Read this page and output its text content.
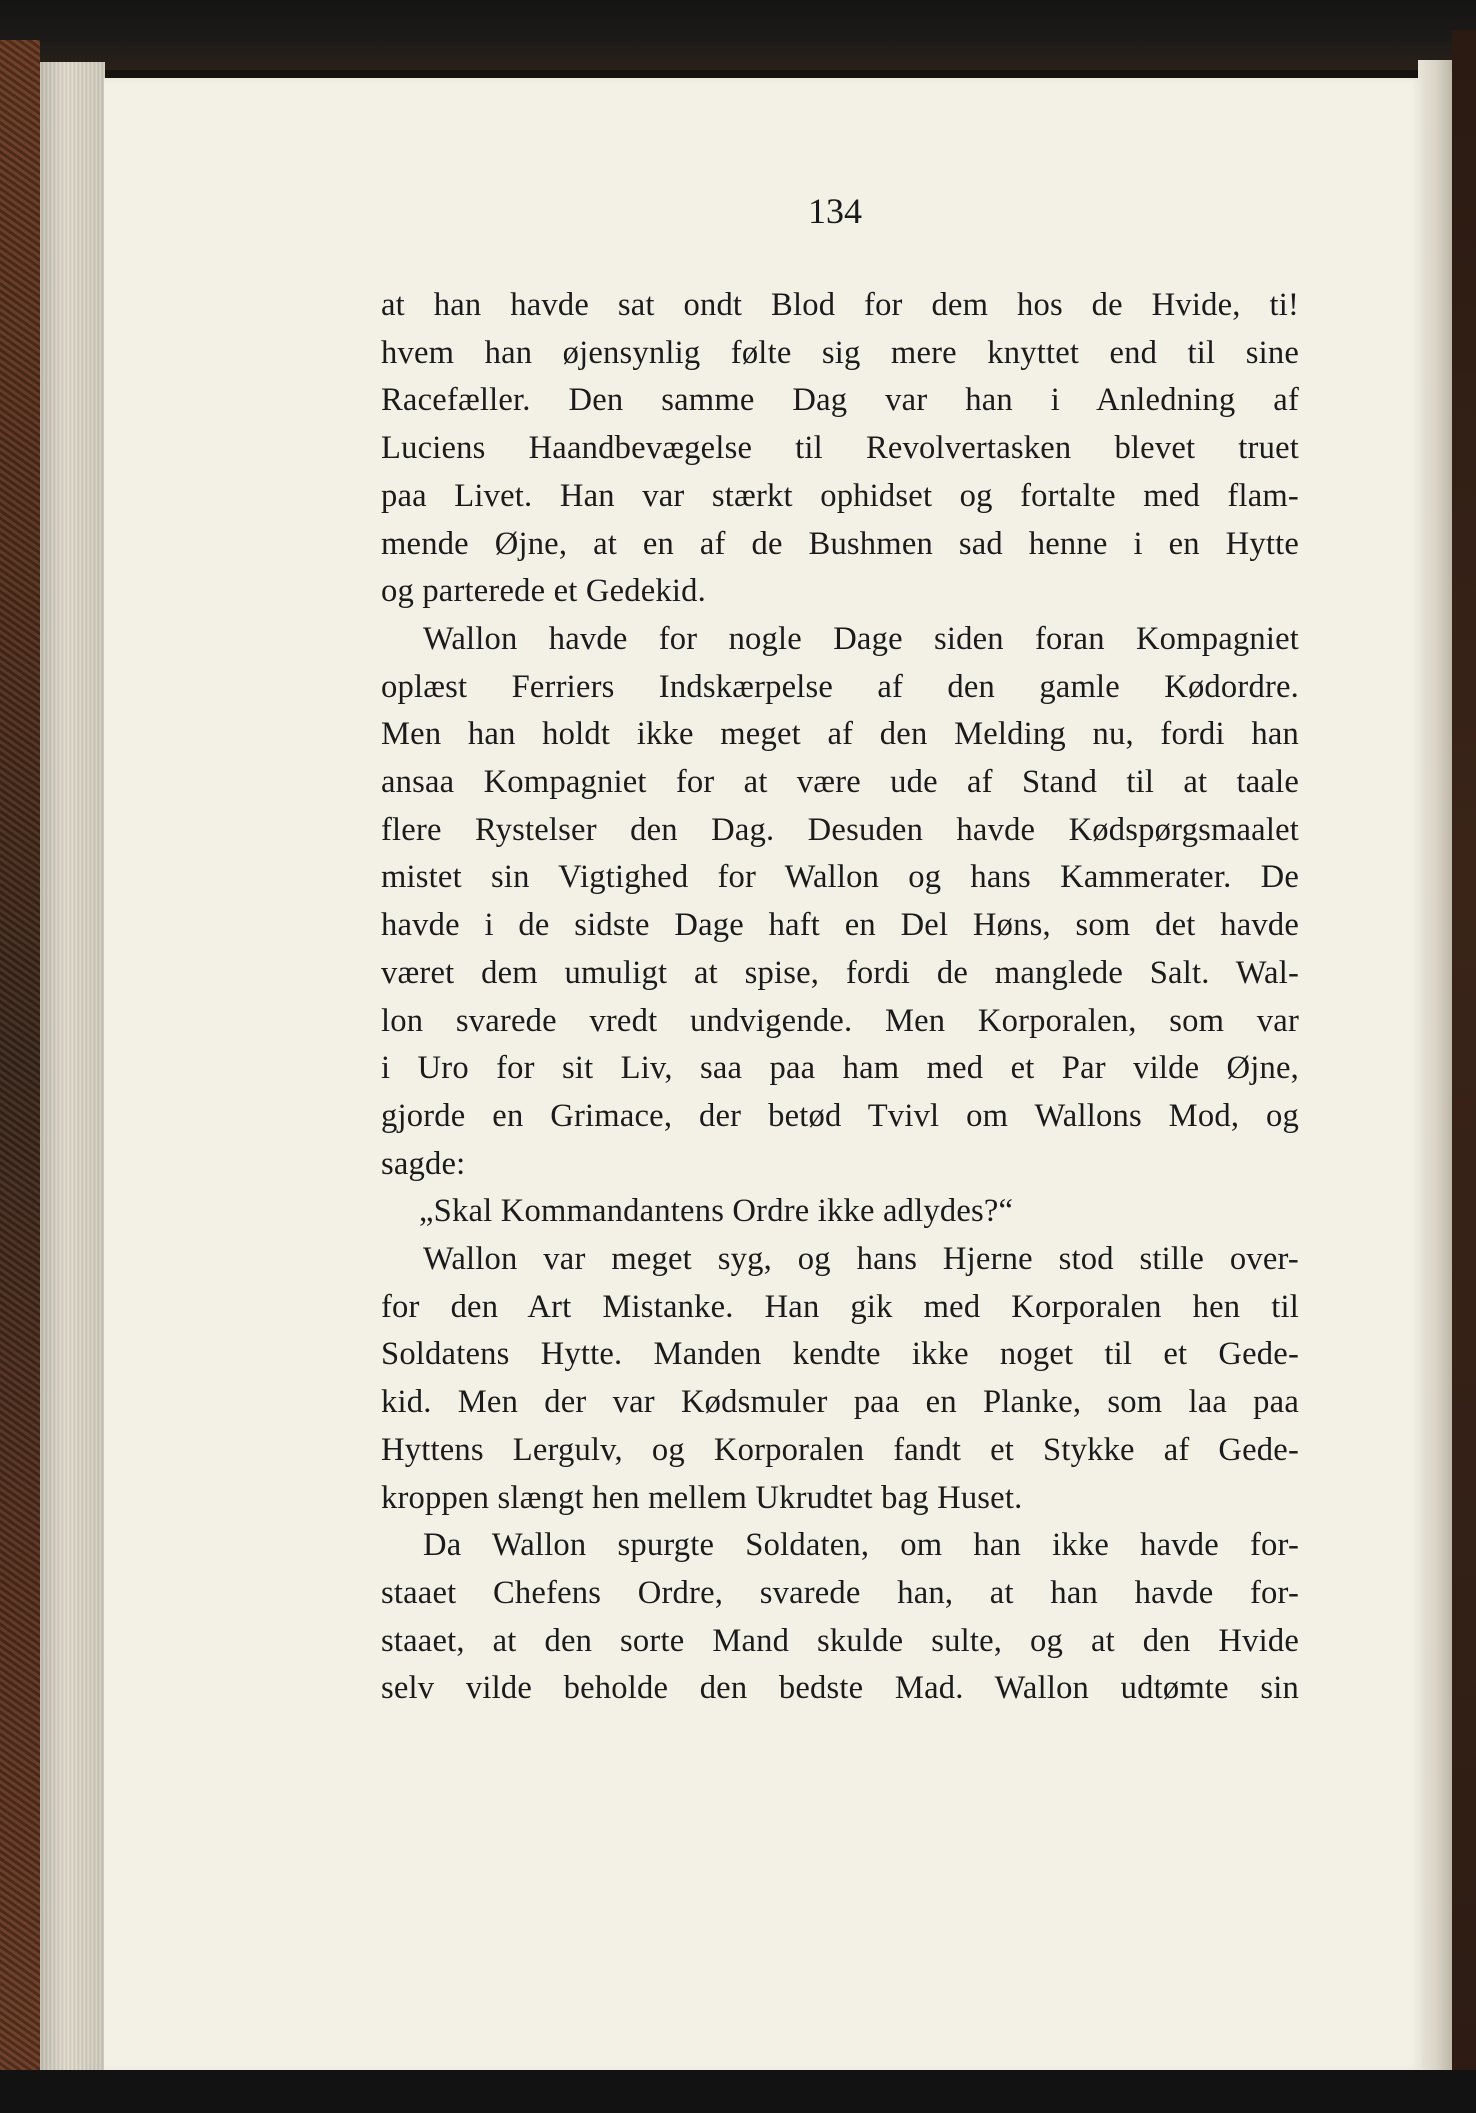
134
at han havde sat ondt Blod for dem hos de Hvide, ti!
hvem han øjensynlig følte sig mere knyttet end til sine
Racefæller. Den samme Dag var han i Anledning af
Luciens Haandbevægelse til Revolvertasken blevet truet
paa Livet. Han var stærkt ophidset og fortalte med flam-
mende Øjne, at en af de Bushmen sad henne i en Hytte
og parterede et Gedekid.
Wallon havde for nogle Dage siden foran Kompagniet
oplæst Ferriers Indskærpelse af den gamle Kødordre.
Men han holdt ikke meget af den Melding nu, fordi han
ansaa Kompagniet for at være ude af Stand til at taale
flere Rystelser den Dag. Desuden havde Kødspørgsmaalet
mistet sin Vigtighed for Wallon og hans Kammerater. De
havde i de sidste Dage haft en Del Høns, som det havde
været dem umuligt at spise, fordi de manglede Salt. Wal-
lon svarede vredt undvigende. Men Korporalen, som var
i Uro for sit Liv, saa paa ham med et Par vilde Øjne,
gjorde en Grimace, der betød Tvivl om Wallons Mod, og
sagde:
„Skal Kommandantens Ordre ikke adlydes?“
Wallon var meget syg, og hans Hjerne stod stille over-
for den Art Mistanke. Han gik med Korporalen hen til
Soldatens Hytte. Manden kendte ikke noget til et Gede-
kid. Men der var Kødsmuler paa en Planke, som laa paa
Hyttens Lergulv, og Korporalen fandt et Stykke af Gede-
kroppen slængt hen mellem Ukrudtet bag Huset.
Da Wallon spurgte Soldaten, om han ikke havde for-
staaet Chefens Ordre, svarede han, at han havde for-
staaet, at den sorte Mand skulde sulte, og at den Hvide
selv vilde beholde den bedste Mad. Wallon udtømte sin
